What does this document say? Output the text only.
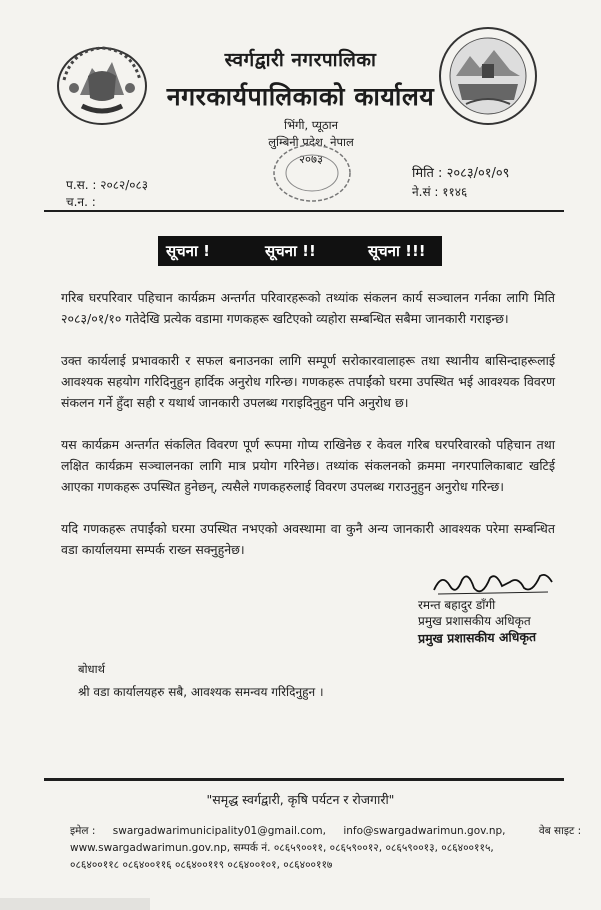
स्वर्गद्वारी नगरपालिका
नगरकार्यपालिकाको कार्यालय
भिंगी, प्यूठान
लुम्बिनी प्रदेश, नेपाल
२०७३
प.स. : २०८२/०८३
च.न. :
मिति : २०८३/०१/०९
ने.सं : ११४६
सूचना !	सूचना !!	सूचना !!!
गरिब घरपरिवार पहिचान कार्यक्रम अन्तर्गत परिवारहरूको तथ्यांक संकलन कार्य सञ्चालन गर्नका लागि मिति २०८३/०१/१० गतेदेखि प्रत्येक वडामा गणकहरू खटिएको व्यहोरा सम्बन्धित सबैमा जानकारी गराइन्छ।
उक्त कार्यलाई प्रभावकारी र सफल बनाउनका लागि सम्पूर्ण सरोकारवालाहरू तथा स्थानीय बासिन्दाहरूलाई आवश्यक सहयोग गरिदिनुहुन हार्दिक अनुरोध गरिन्छ। गणकहरू तपाईंको घरमा उपस्थित भई आवश्यक विवरण संकलन गर्ने हुँदा सही र यथार्थ जानकारी उपलब्ध गराइदिनुहुन पनि अनुरोध छ।
यस कार्यक्रम अन्तर्गत संकलित विवरण पूर्ण रूपमा गोप्य राखिनेछ र केवल गरिब घरपरिवारको पहिचान तथा लक्षित कार्यक्रम सञ्चालनका लागि मात्र प्रयोग गरिनेछ। तथ्यांक संकलनको क्रममा नगरपालिकाबाट खटिई आएका गणकहरू उपस्थित हुनेछन्, त्यसैले गणकहरुलाई विवरण उपलब्ध गराउनुहुन अनुरोध गरिन्छ।
यदि गणकहरू तपाईंको घरमा उपस्थित नभएको अवस्थामा वा कुनै अन्य जानकारी आवश्यक परेमा सम्बन्धित वडा कार्यालयमा सम्पर्क राख्न सक्नुहुनेछ।
रमन्त बहादुर डाँगी
प्रमुख प्रशासकीय अधिकृत
प्रमुख प्रशासकीय अधिकृत
बोधार्थ
श्री वडा कार्यालयहरु सबै, आवश्यक समन्वय गरिदिनुहुन ।
"समृद्ध स्वर्गद्वारी, कृषि पर्यटन र रोजगारी"
इमेल : swargadwarimunicipality01@gmail.com, info@swargadwarimun.gov.np,	वेब साइट :
www.swargadwarimun.gov.np, सम्पर्क नं. ०८६५९००११, ०८६५९००१२, ०८६५९००१३, ०८६४००११५,
०८६४००११८ ०८६४००११६ ०८६४००११९ ०८६४००१०१, ०८६४००११७
